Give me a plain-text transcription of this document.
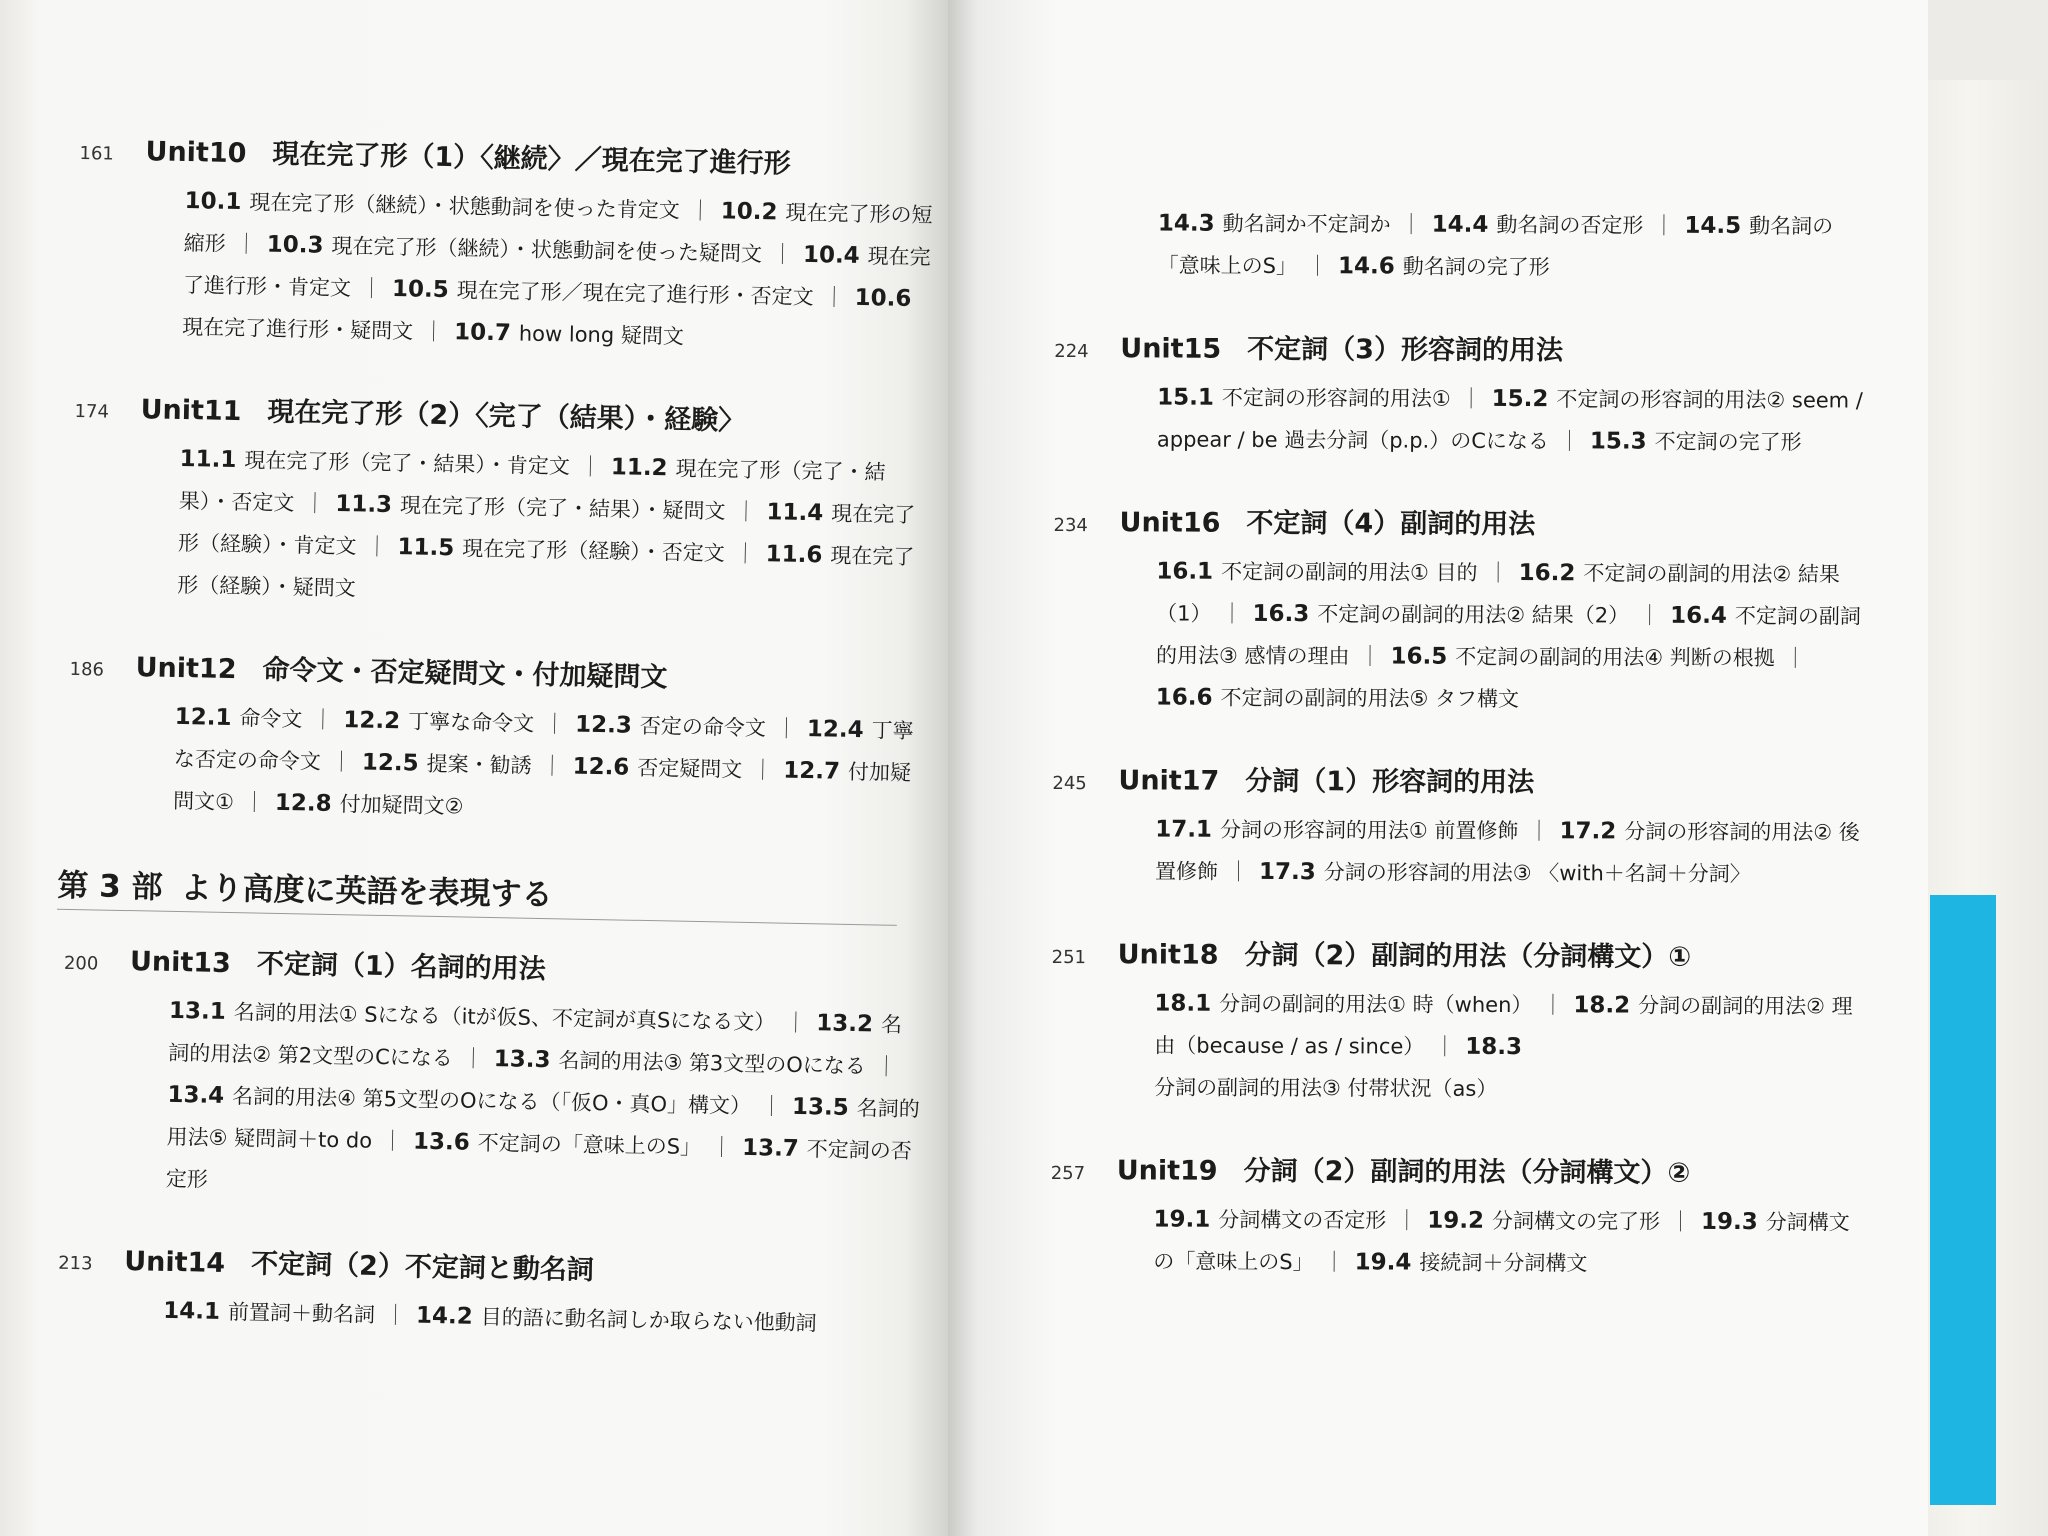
161	Unit10 現在完了形（1）〈継続〉／現在完了進行形
10.1 現在完了形（継続）・状態動詞を使った肯定文 ｜ 10.2 現在完了形の短縮形 ｜ 10.3 現在完了形（継続）・状態動詞を使った疑問文 ｜ 10.4 現在完了進行形・肯定文 ｜ 10.5 現在完了形／現在完了進行形・否定文 ｜ 10.6現在完了進行形・疑問文 ｜ 10.7 how long 疑問文
174	Unit11 現在完了形（2）〈完了（結果）・経験〉
11.1 現在完了形（完了・結果）・肯定文 ｜ 11.2 現在完了形（完了・結果）・否定文 ｜ 11.3 現在完了形（完了・結果）・疑問文 ｜ 11.4 現在完了形（経験）・肯定文 ｜ 11.5 現在完了形（経験）・否定文 ｜ 11.6 現在完了形（経験）・疑問文
186	Unit12 命令文・否定疑問文・付加疑問文
12.1 命令文 ｜ 12.2 丁寧な命令文 ｜ 12.3 否定の命令文 ｜ 12.4 丁寧な否定の命令文 ｜ 12.5 提案・勧誘 ｜ 12.6 否定疑問文 ｜ 12.7 付加疑問文① ｜ 12.8 付加疑問文②
第 3 部 より高度に英語を表現する
200	Unit13 不定詞（1）名詞的用法
13.1 名詞的用法① Sになる（itが仮S、不定詞が真Sになる文） ｜ 13.2 名詞的用法② 第2文型のCになる ｜ 13.3 名詞的用法③ 第3文型のOになる ｜13.4 名詞的用法④ 第5文型のOになる（「仮O・真O」構文） ｜ 13.5 名詞的用法⑤ 疑問詞＋to do ｜ 13.6 不定詞の「意味上のS」 ｜ 13.7 不定詞の否定形
213	Unit14 不定詞（2）不定詞と動名詞
14.1 前置詞＋動名詞 ｜ 14.2 目的語に動名詞しか取らない他動詞
14.3 動名詞か不定詞か ｜ 14.4 動名詞の否定形 ｜ 14.5 動名詞の「意味上のS」 ｜ 14.6 動名詞の完了形
224	Unit15 不定詞（3）形容詞的用法
15.1 不定詞の形容詞的用法① ｜ 15.2 不定詞の形容詞的用法② seem / appear / be 過去分詞（p.p.）のCになる ｜ 15.3 不定詞の完了形
234	Unit16 不定詞（4）副詞的用法
16.1 不定詞の副詞的用法① 目的 ｜ 16.2 不定詞の副詞的用法② 結果（1） ｜ 16.3 不定詞の副詞的用法② 結果（2） ｜ 16.4 不定詞の副詞的用法③ 感情の理由 ｜ 16.5 不定詞の副詞的用法④ 判断の根拠 ｜16.6 不定詞の副詞的用法⑤ タフ構文
245	Unit17 分詞（1）形容詞的用法
17.1 分詞の形容詞的用法① 前置修飾 ｜ 17.2 分詞の形容詞的用法② 後置修飾 ｜ 17.3 分詞の形容詞的用法③ 〈with＋名詞＋分詞〉
251	Unit18 分詞（2）副詞的用法（分詞構文）①
18.1 分詞の副詞的用法① 時（when） ｜ 18.2 分詞の副詞的用法② 理由（because / as / since） ｜ 18.3分詞の副詞的用法③ 付帯状況（as）
257	Unit19 分詞（2）副詞的用法（分詞構文）②
19.1 分詞構文の否定形 ｜ 19.2 分詞構文の完了形 ｜ 19.3 分詞構文の「意味上のS」 ｜ 19.4 接続詞＋分詞構文
